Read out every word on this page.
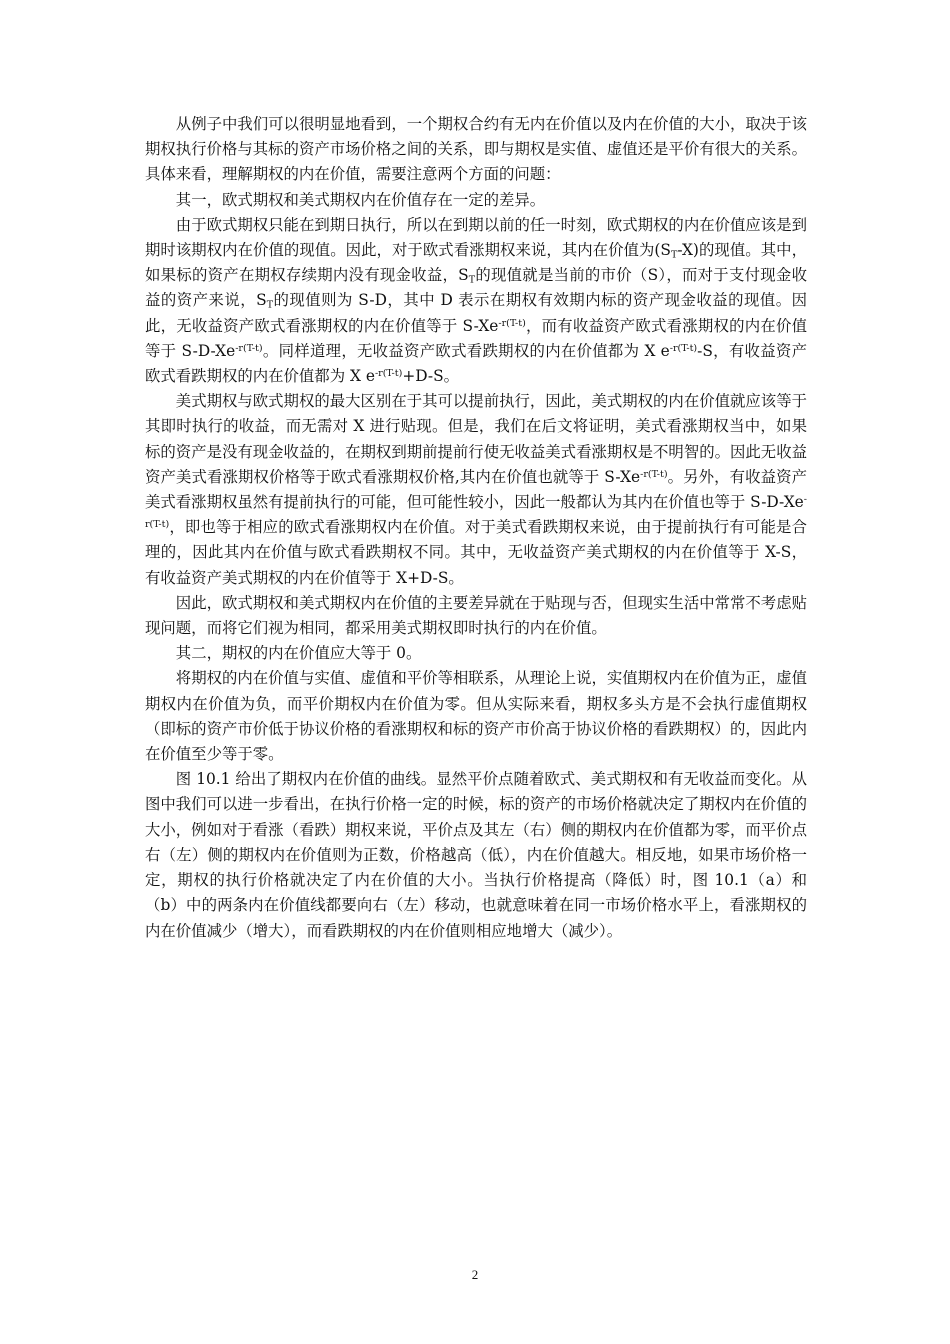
从例子中我们可以很明显地看到，一个期权合约有无内在价值以及内在价值的大小，取决于该期权执行价格与其标的资产市场价格之间的关系，即与期权是实值、虚值还是平价有很大的关系。具体来看，理解期权的内在价值，需要注意两个方面的问题：

其一，欧式期权和美式期权内在价值存在一定的差异。

由于欧式期权只能在到期日执行，所以在到期以前的任一时刻，欧式期权的内在价值应该是到期时该期权内在价值的现值。因此，对于欧式看涨期权来说，其内在价值为$(S_T-X)$的现值。其中，如果标的资产在期权存续期内没有现金收益，$S_T$的现值就是当前的市价（S），而对于支付现金收益的资产来说，$S_T$的现值则为 S-D，其中 D 表示在期权有效期内标的资产现金收益的现值。因此，无收益资产欧式看涨期权的内在价值等于 $S-Xe^{-r(T-t)}$，而有收益资产欧式看涨期权的内在价值等于 $S-D-Xe^{-r(T-t)}$。同样道理，无收益资产欧式看跌期权的内在价值都为 X $e^{-r(T-t)}-S$，有收益资产欧式看跌期权的内在价值都为 X $e^{-r(T-t)}+D-S$。

美式期权与欧式期权的最大区别在于其可以提前执行，因此，美式期权的内在价值就应该等于其即时执行的收益，而无需对 X 进行贴现。但是，我们在后文将证明，美式看涨期权当中，如果标的资产是没有现金收益的，在期权到期前提前行使无收益美式看涨期权是不明智的。因此无收益资产美式看涨期权价格等于欧式看涨期权价格,其内在价值也就等于 $S-Xe^{-r(T-t)}$。另外，有收益资产美式看涨期权虽然有提前执行的可能，但可能性较小，因此一般都认为其内在价值也等于 $S-D-Xe^{-r(T-t)}$，即也等于相应的欧式看涨期权内在价值。对于美式看跌期权来说，由于提前执行有可能是合理的，因此其内在价值与欧式看跌期权不同。其中，无收益资产美式期权的内在价值等于 X-S，有收益资产美式期权的内在价值等于 X+D-S。

因此，欧式期权和美式期权内在价值的主要差异就在于贴现与否，但现实生活中常常不考虑贴现问题，而将它们视为相同，都采用美式期权即时执行的内在价值。

其二，期权的内在价值应大等于 0。

将期权的内在价值与实值、虚值和平价等相联系，从理论上说，实值期权内在价值为正，虚值期权内在价值为负，而平价期权内在价值为零。但从实际来看，期权多头方是不会执行虚值期权（即标的资产市价低于协议价格的看涨期权和标的资产市价高于协议价格的看跌期权）的，因此内在价值至少等于零。

图 10.1 给出了期权内在价值的曲线。显然平价点随着欧式、美式期权和有无收益而变化。从图中我们可以进一步看出，在执行价格一定的时候，标的资产的市场价格就决定了期权内在价值的大小，例如对于看涨（看跌）期权来说，平价点及其左（右）侧的期权内在价值都为零，而平价点右（左）侧的期权内在价值则为正数，价格越高（低），内在价值越大。相反地，如果市场价格一定，期权的执行价格就决定了内在价值的大小。当执行价格提高（降低）时，图 10.1（a）和（b）中的两条内在价值线都要向右（左）移动，也就意味着在同一市场价格水平上，看涨期权的内在价值减少（增大），而看跌期权的内在价值则相应地增大（减少）。

2
